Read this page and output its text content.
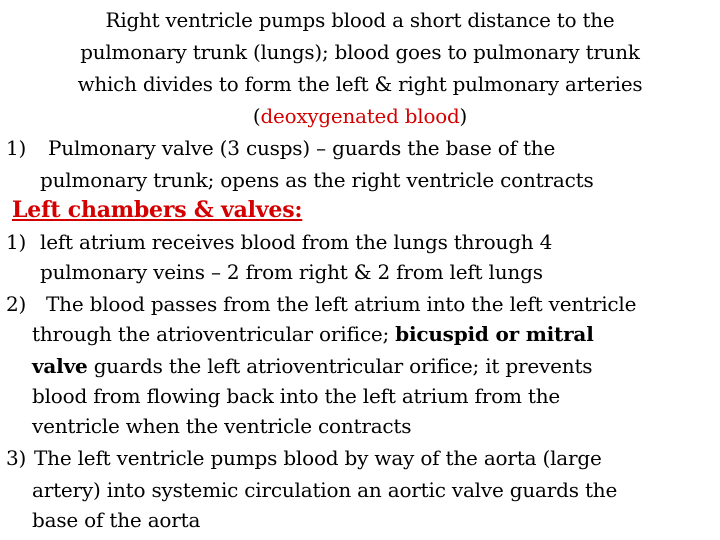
Right ventricle pumps blood a short distance to the
pulmonary trunk (lungs); blood goes to pulmonary trunk
which divides to form the left & right pulmonary arteries
(deoxygenated blood)
1) Pulmonary valve (3 cusps) – guards the base of the
pulmonary trunk; opens as the right ventricle contracts
Left chambers & valves:
1) left atrium receives blood from the lungs through 4
pulmonary veins – 2 from right & 2 from left lungs
2) The blood passes from the left atrium into the left ventricle
through the atrioventricular orifice; bicuspid or mitral
valve guards the left atrioventricular orifice; it prevents
blood from flowing back into the left atrium from the
ventricle when the ventricle contracts
3) The left ventricle pumps blood by way of the aorta (large
artery) into systemic circulation an aortic valve guards the
base of the aorta
